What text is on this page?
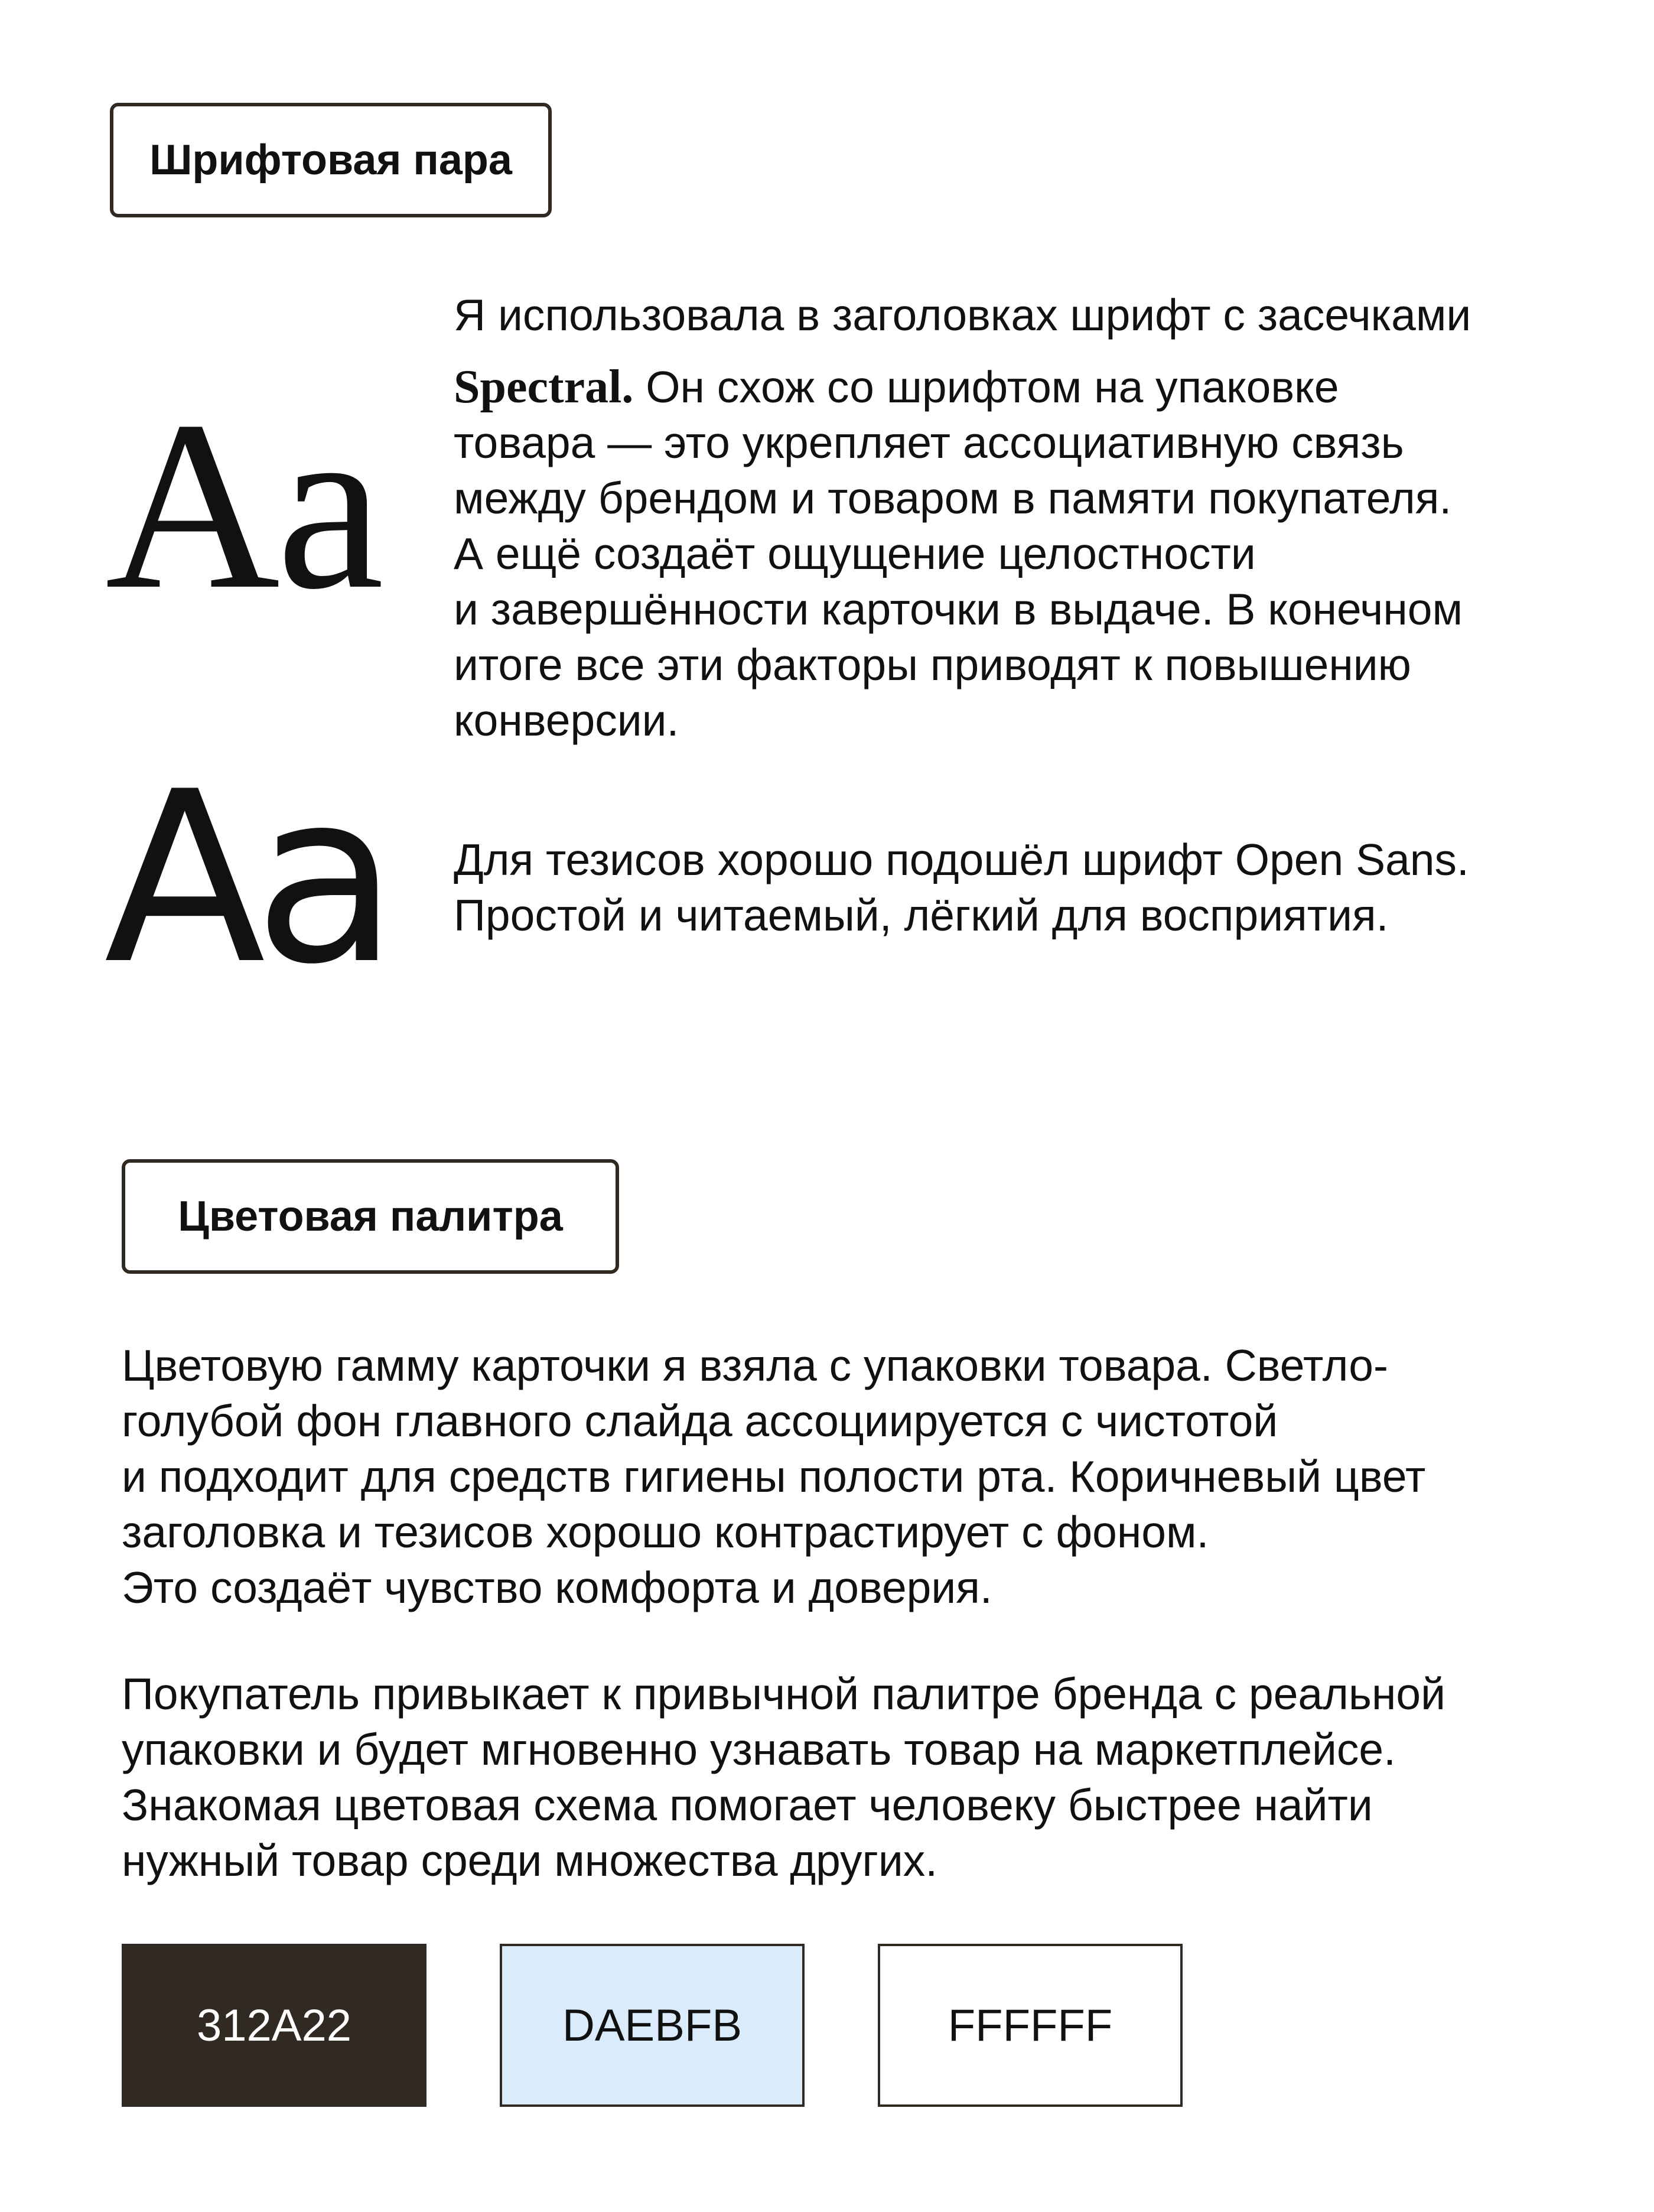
Шрифтовая пара
Aa
Я использовала в заголовках шрифт с засечками
Spectral. Он схож со шрифтом на упаковке
товара — это укрепляет ассоциативную связь
между брендом и товаром в памяти покупателя.
А ещё создаёт ощущение целостности
и завершённости карточки в выдаче. В конечном
итоге все эти факторы приводят к повышению
конверсии.
Aa Для тезисов хорошо подошёл шрифт Open Sans.
Простой и читаемый, лёгкий для восприятия.
Цветовая палитра
Цветовую гамму карточки я взяла с упаковки товара. Светло-
голубой фон главного слайда ассоциируется с чистотой
и подходит для средств гигиены полости рта. Коричневый цвет
заголовка и тезисов хорошо контрастирует с фоном.
Это создаёт чувство комфорта и доверия.
Покупатель привыкает к привычной палитре бренда с реальной
упаковки и будет мгновенно узнавать товар на маркетплейсе.
Знакомая цветовая схема помогает человеку быстрее найти
нужный товар среди множества других.
312A22	DAEBFB	FFFFFF
